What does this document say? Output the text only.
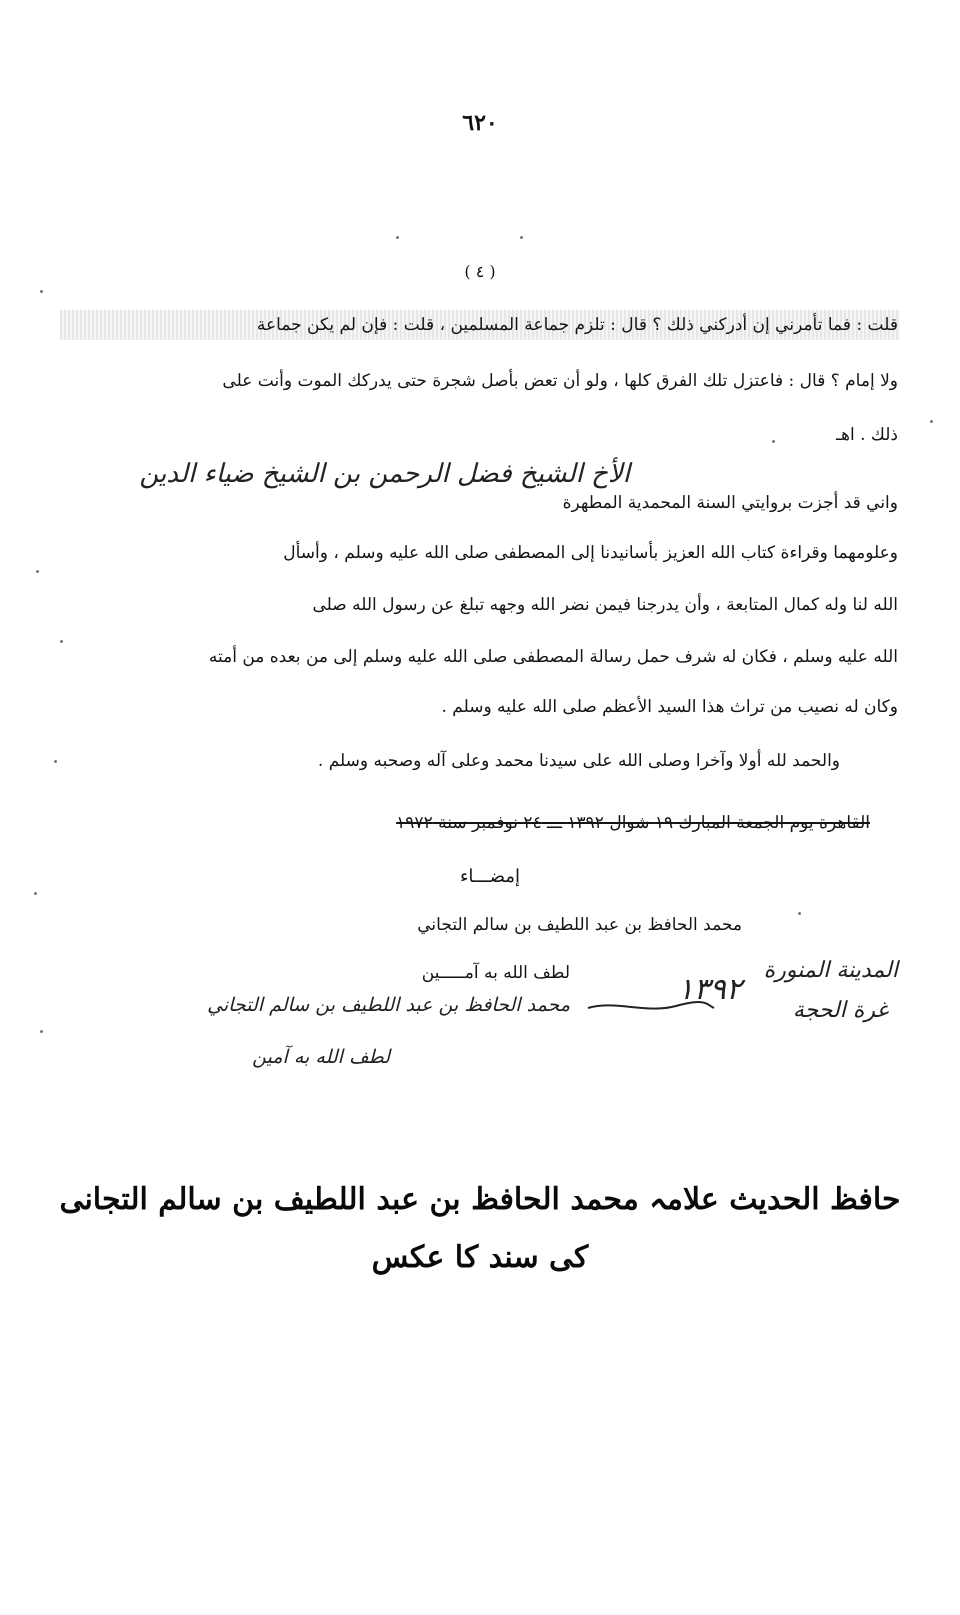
٦٢٠
( ٤ )
قلت : فما تأمرني إن أدركني ذلك ؟ قال : تلزم جماعة المسلمين ، قلت : فإن لم يكن جماعة
ولا إمام ؟ قال : فاعتزل تلك الفرق كلها ، ولو أن تعض بأصل شجرة حتى يدركك الموت وأنت على
ذلك . اهـ
الأخ الشيخ فضل الرحمن بن الشيخ ضياء الدين
واني قد أجزت بروايتي السنة المحمدية المطهرة
وعلومهما وقراءة كتاب الله العزيز بأسانيدنا إلى المصطفى صلى الله عليه وسلم ، وأسأل
الله لنا وله كمال المتابعة ، وأن يدرجنا فيمن نضر الله وجهه تبلغ عن رسول الله صلى
الله عليه وسلم ، فكان له شرف حمل رسالة المصطفى صلى الله عليه وسلم إلى من بعده من أمته
وكان له نصيب من تراث هذا السيد الأعظم صلى الله عليه وسلم .
والحمد لله أولا وآخرا وصلى الله على سيدنا محمد وعلى آله وصحبه وسلم .
القاهرة يوم الجمعة المبارك ١٩ شوال ١٣٩٢ ـــ ٢٤ نوفمبر سنة ١٩٧٢
إمضـــاء
محمد الحافظ بن عبد اللطيف بن سالم التجاني
لطف الله به آمـــــين	المدينة المنورة
غرة الحجة
١٣٩٢
محمد الحافظ بن عبد اللطيف بن سالم التجاني
لطف الله به آمين
حافظ الحدیث علامہ محمد الحافظ بن عبد اللطیف بن سالم التجانی
کی سند کا عکس
